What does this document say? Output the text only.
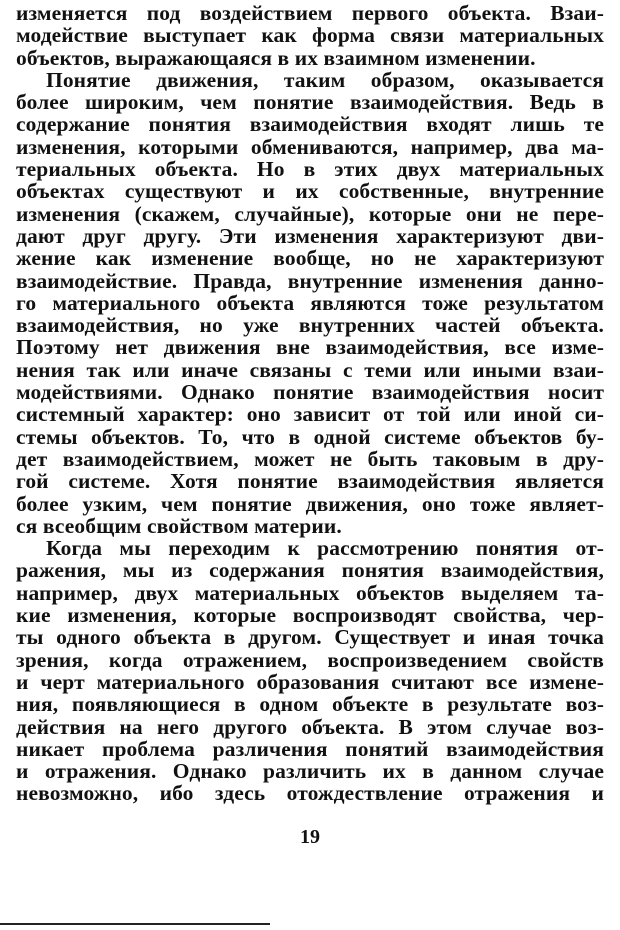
изменяется под воздействием первого объекта. Взаи-
модействие выступает как форма связи материальных
объектов, выражающаяся в их взаимном изменении.
Понятие движения, таким образом, оказывается
более широким, чем понятие взаимодействия. Ведь в
содержание понятия взаимодействия входят лишь те
изменения, которыми обмениваются, например, два ма-
териальных объекта. Но в этих двух материальных
объектах существуют и их собственные, внутренние
изменения (скажем, случайные), которые они не пере-
дают друг другу. Эти изменения характеризуют дви-
жение как изменение вообще, но не характеризуют
взаимодействие. Правда, внутренние изменения данно-
го материального объекта являются тоже результатом
взаимодействия, но уже внутренних частей объекта.
Поэтому нет движения вне взаимодействия, все изме-
нения так или иначе связаны с теми или иными взаи-
модействиями. Однако понятие взаимодействия носит
системный характер: оно зависит от той или иной си-
стемы объектов. То, что в одной системе объектов бу-
дет взаимодействием, может не быть таковым в дру-
гой системе. Хотя понятие взаимодействия является
более узким, чем понятие движения, оно тоже являет-
ся всеобщим свойством материи.
Когда мы переходим к рассмотрению понятия от-
ражения, мы из содержания понятия взаимодействия,
например, двух материальных объектов выделяем та-
кие изменения, которые воспроизводят свойства, чер-
ты одного объекта в другом. Существует и иная точка
зрения, когда отражением, воспроизведением свойств
и черт материального образования считают все измене-
ния, появляющиеся в одном объекте в результате воз-
действия на него другого объекта. В этом случае воз-
никает проблема различения понятий взаимодействия
и отражения. Однако различить их в данном случае
невозможно, ибо здесь отождествление отражения и
19
